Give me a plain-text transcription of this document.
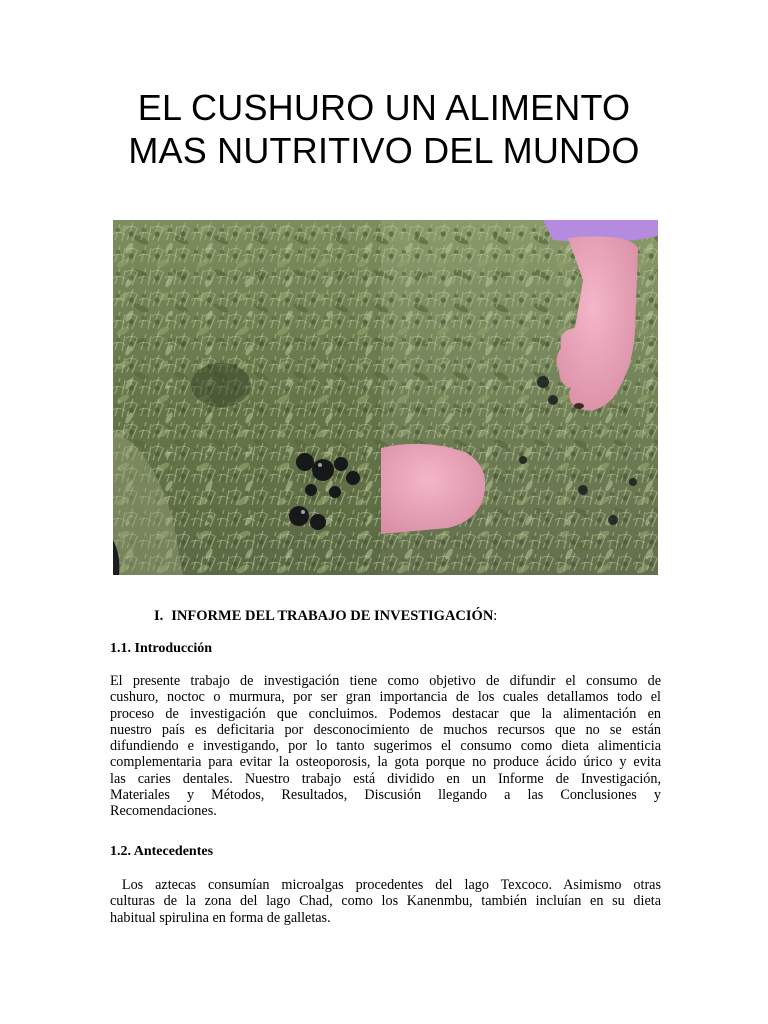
EL CUSHURO UN ALIMENTO
MAS NUTRITIVO DEL MUNDO
I. INFORME DEL TRABAJO DE INVESTIGACIÓN:
1.1. Introducción
El presente trabajo de investigación tiene como objetivo de difundir el consumo de
cushuro, noctoc o murmura, por ser gran importancia de los cuales detallamos todo el
proceso de investigación que concluimos. Podemos destacar que la alimentación en
nuestro país es deficitaria por desconocimiento de muchos recursos que no se están
difundiendo e investigando, por lo tanto sugerimos el consumo como dieta alimenticia
complementaria para evitar la osteoporosis, la gota porque no produce ácido úrico y evita
las caries dentales. Nuestro trabajo está dividido en un Informe de Investigación,
Materiales y Métodos, Resultados, Discusión llegando a las Conclusiones y
Recomendaciones.
1.2. Antecedentes
Los aztecas consumían microalgas procedentes del lago Texcoco. Asimismo otras
culturas de la zona del lago Chad, como los Kanenmbu, también incluían en su dieta
habitual spirulina en forma de galletas.
